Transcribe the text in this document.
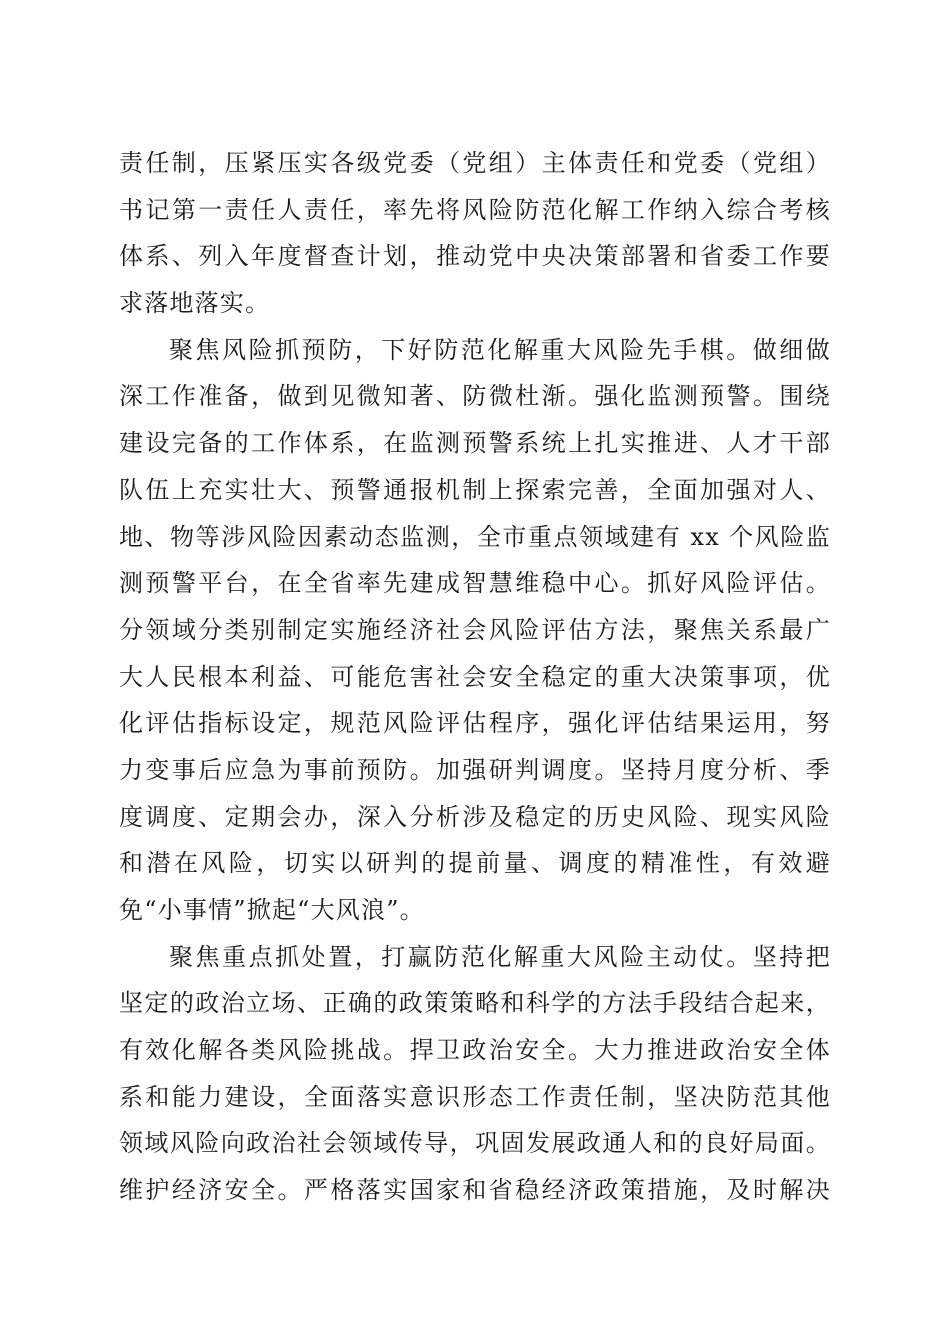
责任制，压紧压实各级党委（党组）主体责任和党委（党组）
书记第一责任人责任，率先将风险防范化解工作纳入综合考核
体系、列入年度督查计划，推动党中央决策部署和省委工作要
求落地落实。
聚焦风险抓预防，下好防范化解重大风险先手棋。做细做
深工作准备，做到见微知著、防微杜渐。强化监测预警。围绕
建设完备的工作体系，在监测预警系统上扎实推进、人才干部
队伍上充实壮大、预警通报机制上探索完善，全面加强对人、
地、物等涉风险因素动态监测，全市重点领域建有 xx 个风险监
测预警平台，在全省率先建成智慧维稳中心。抓好风险评估。
分领域分类别制定实施经济社会风险评估方法，聚焦关系最广
大人民根本利益、可能危害社会安全稳定的重大决策事项，优
化评估指标设定，规范风险评估程序，强化评估结果运用，努
力变事后应急为事前预防。加强研判调度。坚持月度分析、季
度调度、定期会办，深入分析涉及稳定的历史风险、现实风险
和潜在风险，切实以研判的提前量、调度的精准性，有效避
免“小事情”掀起“大风浪”。
聚焦重点抓处置，打赢防范化解重大风险主动仗。坚持把
坚定的政治立场、正确的政策策略和科学的方法手段结合起来，
有效化解各类风险挑战。捍卫政治安全。大力推进政治安全体
系和能力建设，全面落实意识形态工作责任制，坚决防范其他
领域风险向政治社会领域传导，巩固发展政通人和的良好局面。
维护经济安全。严格落实国家和省稳经济政策措施，及时解决
